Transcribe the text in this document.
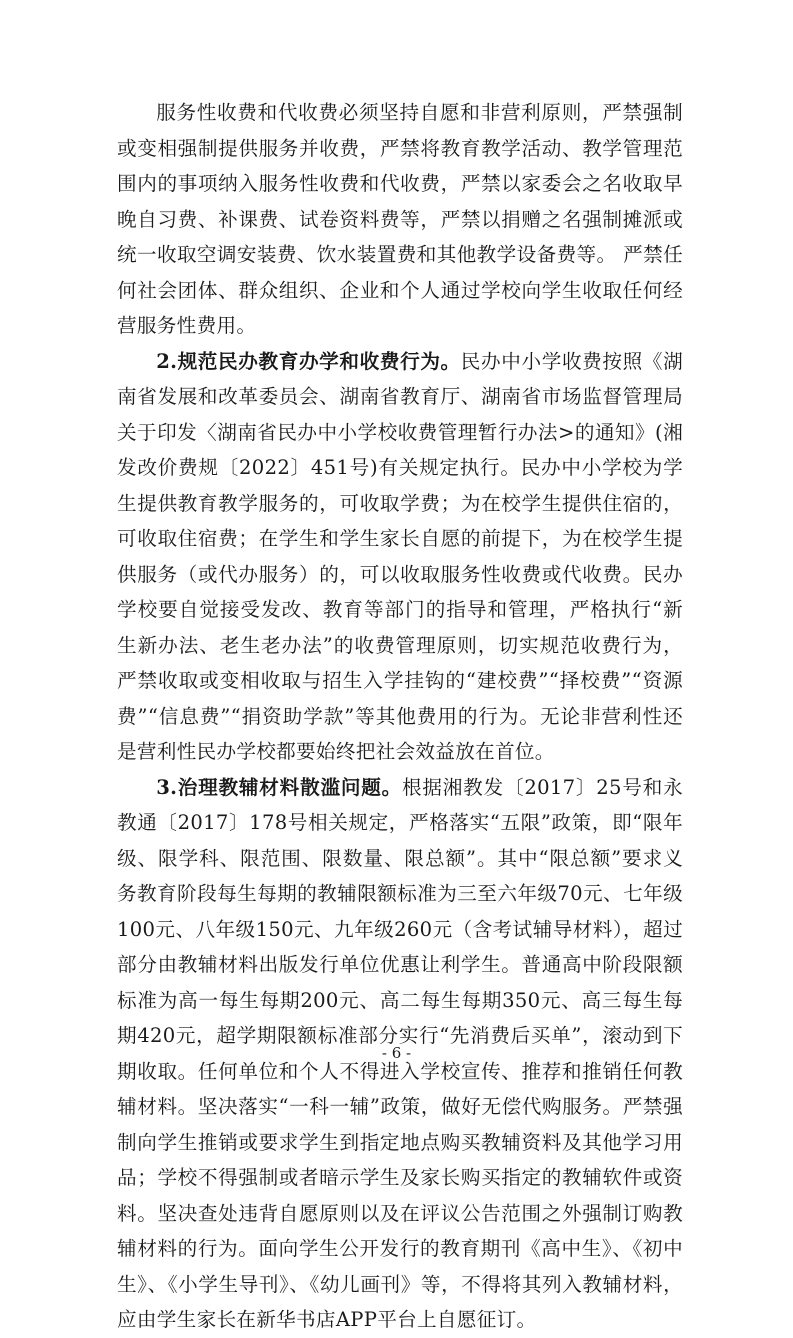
服务性收费和代收费必须坚持自愿和非营利原则，严禁强制或变相强制提供服务并收费，严禁将教育教学活动、教学管理范围内的事项纳入服务性收费和代收费，严禁以家委会之名收取早晚自习费、补课费、试卷资料费等，严禁以捐赠之名强制摊派或统一收取空调安装费、饮水装置费和其他教学设备费等。 严禁任何社会团体、群众组织、企业和个人通过学校向学生收取任何经营服务性费用。

2.规范民办教育办学和收费行为。民办中小学收费按照《湖南省发展和改革委员会、湖南省教育厅、湖南省市场监督管理局关于印发〈湖南省民办中小学校收费管理暂行办法>的通知》(湘发改价费规〔2022〕451号)有关规定执行。民办中小学校为学生提供教育教学服务的，可收取学费；为在校学生提供住宿的，可收取住宿费；在学生和学生家长自愿的前提下，为在校学生提供服务（或代办服务）的，可以收取服务性收费或代收费。民办学校要自觉接受发改、教育等部门的指导和管理，严格执行“新生新办法、老生老办法”的收费管理原则，切实规范收费行为，严禁收取或变相收取与招生入学挂钩的“建校费”“择校费”“资源费”“信息费”“捐资助学款”等其他费用的行为。无论非营利性还是营利性民办学校都要始终把社会效益放在首位。

3.治理教辅材料散滥问题。根据湘教发〔2017〕25号和永教通〔2017〕178号相关规定，严格落实“五限”政策，即“限年级、限学科、限范围、限数量、限总额”。其中“限总额”要求义务教育阶段每生每期的教辅限额标准为三至六年级70元、七年级100元、八年级150元、九年级260元（含考试辅导材料），超过部分由教辅材料出版发行单位优惠让利学生。普通高中阶段限额标准为高一每生每期200元、高二每生每期350元、高三每生每期420元，超学期限额标准部分实行“先消费后买单”，滚动到下期收取。任何单位和个人不得进入学校宣传、推荐和推销任何教辅材料。坚决落实“一科一辅”政策，做好无偿代购服务。严禁强制向学生推销或要求学生到指定地点购买教辅资料及其他学习用品；学校不得强制或者暗示学生及家长购买指定的教辅软件或资料。坚决查处违背自愿原则以及在评议公告范围之外强制订购教辅材料的行为。面向学生公开发行的教育期刊《高中生》、《初中生》、《小学生导刊》、《幼儿画刊》等，不得将其列入教辅材料，应由学生家长在新华书店APP平台上自愿征订。

- 6 -
